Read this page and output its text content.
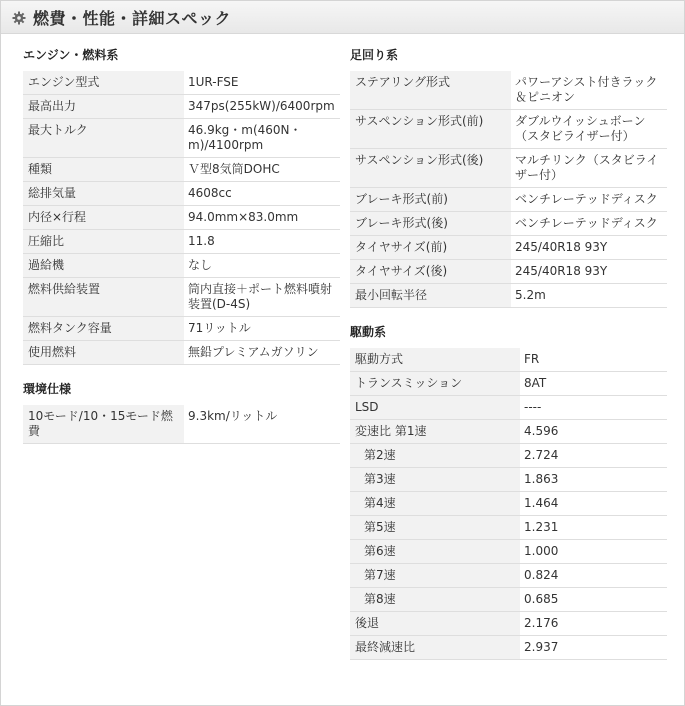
燃費・性能・詳細スペック
エンジン・燃料系
エンジン型式	1UR-FSE
最高出力	347ps(255kW)/6400rpm
最大トルク	46.9kg・m(460N・m)/4100rpm
種類	Ｖ型8気筒DOHC
総排気量	4608cc
内径×行程	94.0mm×83.0mm
圧縮比	11.8
過給機	なし
燃料供給装置	筒内直接＋ポート燃料噴射装置(D-4S)
燃料タンク容量	71リットル
使用燃料	無鉛プレミアムガソリン
環境仕様
10モード/10・15モード燃費	9.3km/リットル
足回り系
ステアリング形式	パワーアシスト付きラック＆ピニオン
サスペンション形式(前)	ダブルウイッシュボーン（スタビライザー付）
サスペンション形式(後)	マルチリンク（スタビライザー付）
ブレーキ形式(前)	ベンチレーテッドディスク
ブレーキ形式(後)	ベンチレーテッドディスク
タイヤサイズ(前)	245/40R18 93Y
タイヤサイズ(後)	245/40R18 93Y
最小回転半径	5.2m
駆動系
駆動方式	FR
トランスミッション	8AT
LSD	----
変速比 第1速	4.596
第2速	2.724
第3速	1.863
第4速	1.464
第5速	1.231
第6速	1.000
第7速	0.824
第8速	0.685
後退	2.176
最終減速比	2.937
